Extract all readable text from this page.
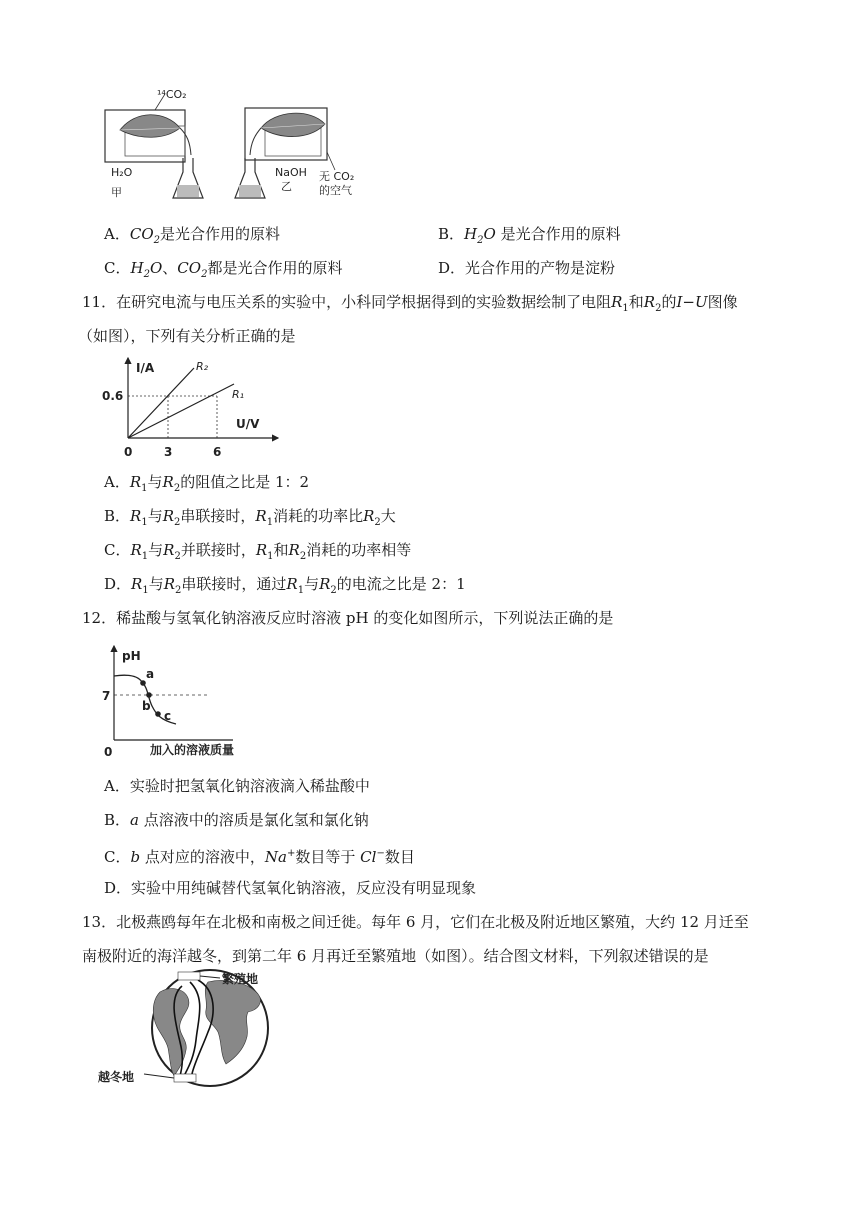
¹⁴CO₂
H₂O
甲
NaOH
乙
无 CO₂
的空气
A．$CO_2$是光合作用的原料	B．$H_2O$ 是光合作用的原料
C．$H_2O$、$CO_2$都是光合作用的原料	D．光合作用的产物是淀粉
11．在研究电流与电压关系的实验中，小科同学根据得到的实验数据绘制了电阻$R_1$和$R_2$的I−U图像
（如图），下列有关分析正确的是
I/A
U/V
0
0.6
3	6
R₂
R₁
A．$R_1$与$R_2$的阻值之比是 1：2
B．$R_1$与$R_2$串联接时，$R_1$消耗的功率比$R_2$大
C．$R_1$与$R_2$并联接时，$R_1$和$R_2$消耗的功率相等
D．$R_1$与$R_2$串联接时，通过$R_1$与$R_2$的电流之比是 2：1
12．稀盐酸与氢氧化钠溶液反应时溶液 pH 的变化如图所示，下列说法正确的是
pH
7
0	加入的溶液质量
a
b
c
A．实验时把氢氧化钠溶液滴入稀盐酸中
B．a 点溶液中的溶质是氯化氢和氯化钠
C．b 点对应的溶液中，Na+数目等于 Cl−数目
D．实验中用纯碱替代氢氧化钠溶液，反应没有明显现象
13．北极燕鸥每年在北极和南极之间迁徙。每年 6 月，它们在北极及附近地区繁殖，大约 12 月迁至
南极附近的海洋越冬，到第二年 6 月再迁至繁殖地（如图）。结合图文材料，下列叙述错误的是
繁殖地
越冬地
